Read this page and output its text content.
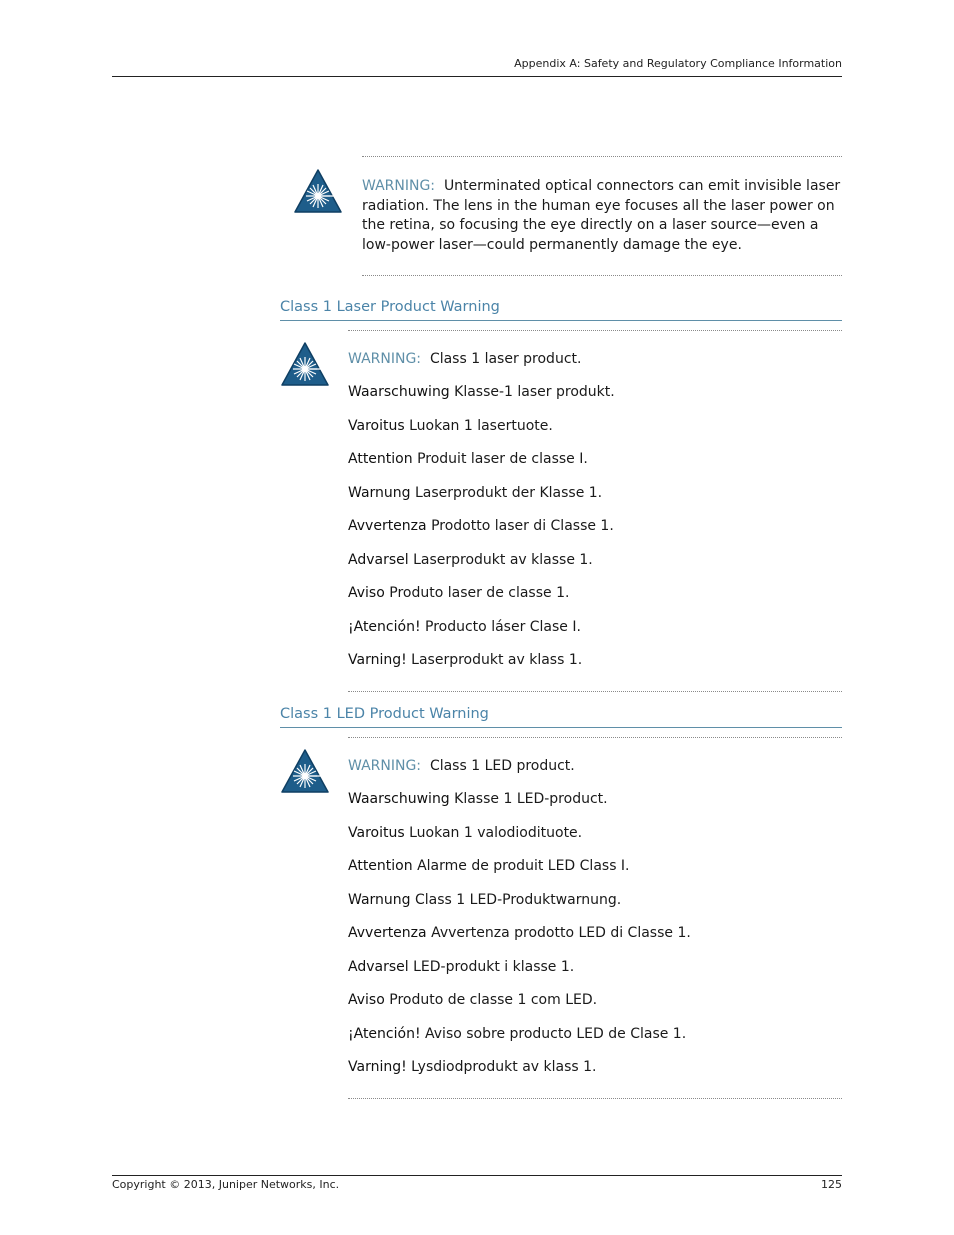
Appendix A: Safety and Regulatory Compliance Information
WARNING: Unterminated optical connectors can emit invisible laser radiation. The lens in the human eye focuses all the laser power on the retina, so focusing the eye directly on a laser source—even a low-power laser—could permanently damage the eye.
Class 1 Laser Product Warning
WARNING: Class 1 laser product.
Waarschuwing Klasse-1 laser produkt.
Varoitus Luokan 1 lasertuote.
Attention Produit laser de classe I.
Warnung Laserprodukt der Klasse 1.
Avvertenza Prodotto laser di Classe 1.
Advarsel Laserprodukt av klasse 1.
Aviso Produto laser de classe 1.
¡Atención! Producto láser Clase I.
Varning! Laserprodukt av klass 1.
Class 1 LED Product Warning
WARNING: Class 1 LED product.
Waarschuwing Klasse 1 LED-product.
Varoitus Luokan 1 valodiodituote.
Attention Alarme de produit LED Class I.
Warnung Class 1 LED-Produktwarnung.
Avvertenza Avvertenza prodotto LED di Classe 1.
Advarsel LED-produkt i klasse 1.
Aviso Produto de classe 1 com LED.
¡Atención! Aviso sobre producto LED de Clase 1.
Varning! Lysdiodprodukt av klass 1.
Copyright © 2013, Juniper Networks, Inc.	125
